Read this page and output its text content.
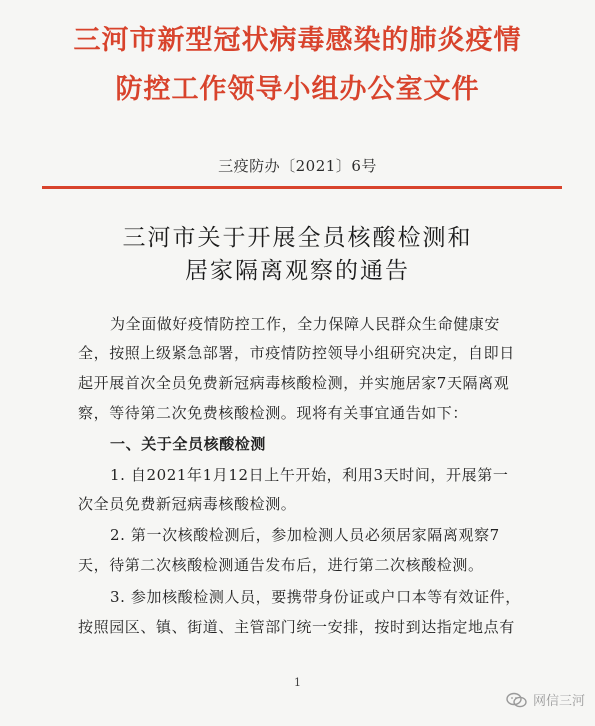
三河市新型冠状病毒感染的肺炎疫情
防控工作领导小组办公室文件
三疫防办〔2021〕6号
三河市关于开展全员核酸检测和
居家隔离观察的通告
为全面做好疫情防控工作，全力保障人民群众生命健康安
全，按照上级紧急部署，市疫情防控领导小组研究决定，自即日
起开展首次全员免费新冠病毒核酸检测，并实施居家7天隔离观
察，等待第二次免费核酸检测。现将有关事宜通告如下：
一、关于全员核酸检测
1. 自2021年1月12日上午开始，利用3天时间，开展第一
次全员免费新冠病毒核酸检测。
2. 第一次核酸检测后，参加检测人员必须居家隔离观察7
天，待第二次核酸检测通告发布后，进行第二次核酸检测。
3. 参加核酸检测人员，要携带身份证或户口本等有效证件，
按照园区、镇、街道、主管部门统一安排，按时到达指定地点有
1
网信三河
